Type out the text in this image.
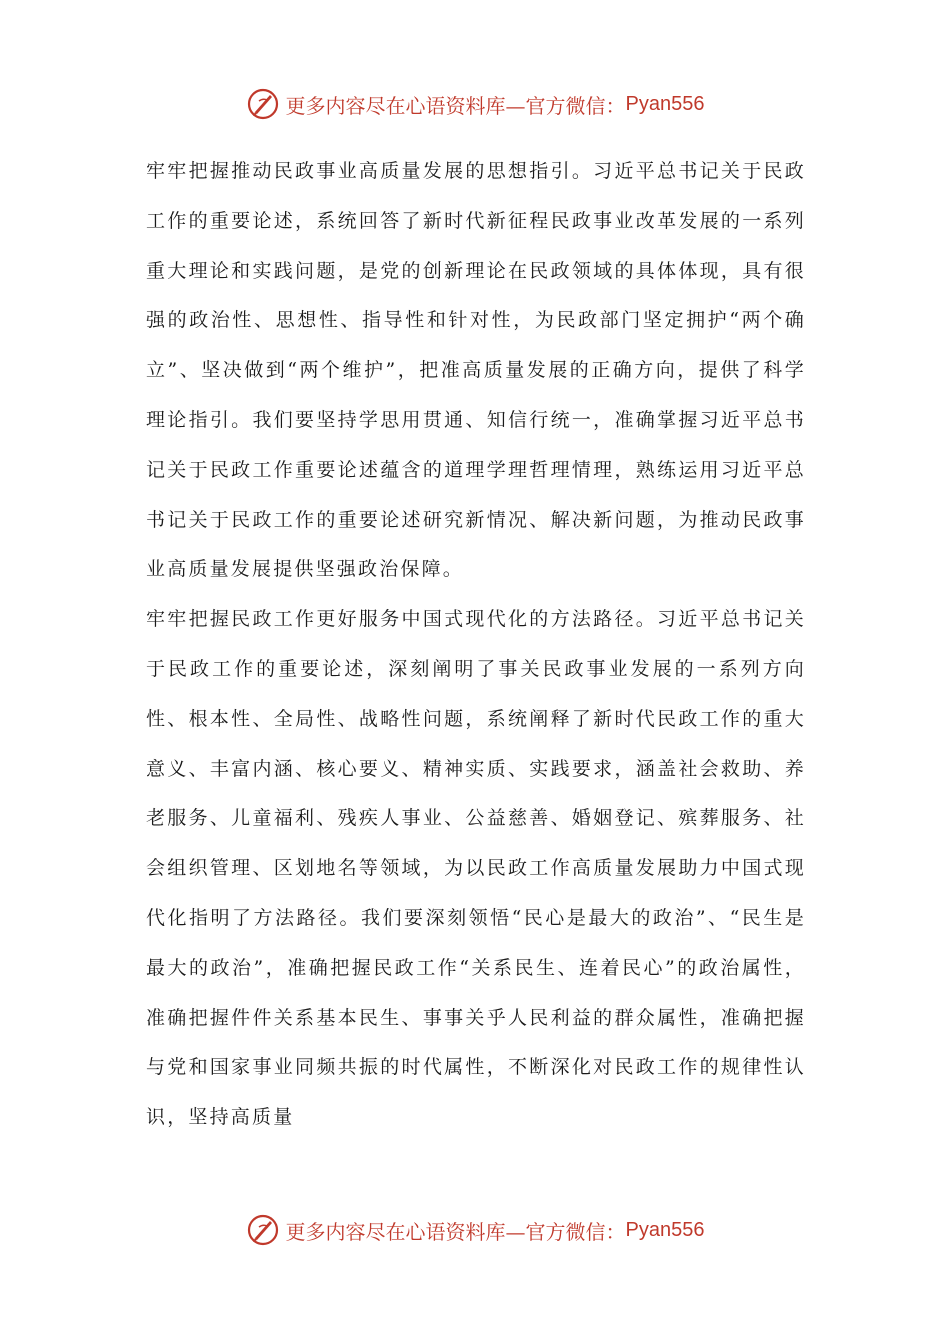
更多内容尽在心语资料库—官方微信： Pyan556

牢牢把握推动民政事业高质量发展的思想指引。习近平总书记关于民政工作的重要论述，系统回答了新时代新征程民政事业改革发展的一系列重大理论和实践问题，是党的创新理论在民政领域的具体体现，具有很强的政治性、思想性、指导性和针对性，为民政部门坚定拥护“两个确立”、坚决做到“两个维护”，把准高质量发展的正确方向，提供了科学理论指引。我们要坚持学思用贯通、知信行统一，准确掌握习近平总书记关于民政工作重要论述蕴含的道理学理哲理情理，熟练运用习近平总书记关于民政工作的重要论述研究新情况、解决新问题，为推动民政事业高质量发展提供坚强政治保障。

牢牢把握民政工作更好服务中国式现代化的方法路径。习近平总书记关于民政工作的重要论述，深刻阐明了事关民政事业发展的一系列方向性、根本性、全局性、战略性问题，系统阐释了新时代民政工作的重大意义、丰富内涵、核心要义、精神实质、实践要求，涵盖社会救助、养老服务、儿童福利、残疾人事业、公益慈善、婚姻登记、殡葬服务、社会组织管理、区划地名等领域，为以民政工作高质量发展助力中国式现代化指明了方法路径。我们要深刻领悟“民心是最大的政治”、“民生是最大的政治”，准确把握民政工作“关系民生、连着民心”的政治属性，准确把握件件关系基本民生、事事关乎人民利益的群众属性，准确把握与党和国家事业同频共振的时代属性，不断深化对民政工作的规律性认识，坚持高质量

更多内容尽在心语资料库—官方微信： Pyan556
